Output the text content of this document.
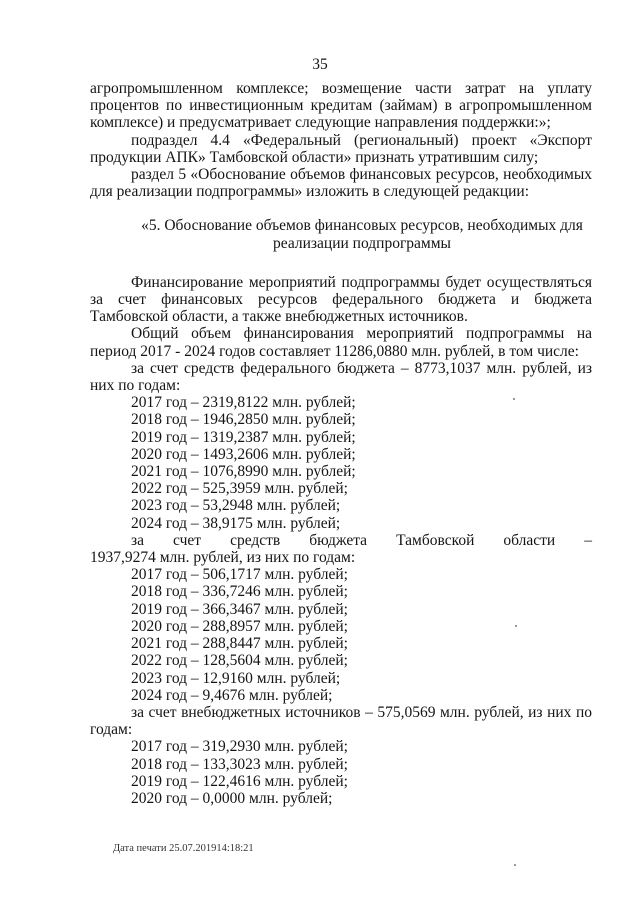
35

агропромышленном комплексе; возмещение части затрат на уплату процентов по инвестиционным кредитам (займам) в агропромышленном комплексе) и предусматривает следующие направления поддержки:»;

подраздел 4.4 «Федеральный (региональный) проект «Экспорт продукции АПК» Тамбовской области» признать утратившим силу;

раздел 5 «Обоснование объемов финансовых ресурсов, необходимых для реализации подпрограммы» изложить в следующей редакции:

«5. Обоснование объемов финансовых ресурсов, необходимых для реализации подпрограммы

Финансирование мероприятий подпрограммы будет осуществляться за счет финансовых ресурсов федерального бюджета и бюджета Тамбовской области, а также внебюджетных источников.

Общий объем финансирования мероприятий подпрограммы на период 2017 - 2024 годов составляет 11286,0880 млн. рублей, в том числе:

за счет средств федерального бюджета – 8773,1037 млн. рублей, из них по годам:

2017 год – 2319,8122 млн. рублей;

2018 год – 1946,2850 млн. рублей;

2019 год – 1319,2387 млн. рублей;

2020 год – 1493,2606 млн. рублей;

2021 год – 1076,8990 млн. рублей;

2022 год – 525,3959 млн. рублей;

2023 год – 53,2948 млн. рублей;

2024 год – 38,9175 млн. рублей;

за счет средств бюджета Тамбовской области –

1937,9274 млн. рублей, из них по годам:

2017 год – 506,1717 млн. рублей;

2018 год – 336,7246 млн. рублей;

2019 год – 366,3467 млн. рублей;

2020 год – 288,8957 млн. рублей;

2021 год – 288,8447 млн. рублей;

2022 год – 128,5604 млн. рублей;

2023 год – 12,9160 млн. рублей;

2024 год – 9,4676 млн. рублей;

за счет внебюджетных источников – 575,0569 млн. рублей, из них по годам:

2017 год – 319,2930 млн. рублей;

2018 год – 133,3023 млн. рублей;

2019 год – 122,4616 млн. рублей;

2020 год – 0,0000 млн. рублей;

Дата печати 25.07.201914:18:21
